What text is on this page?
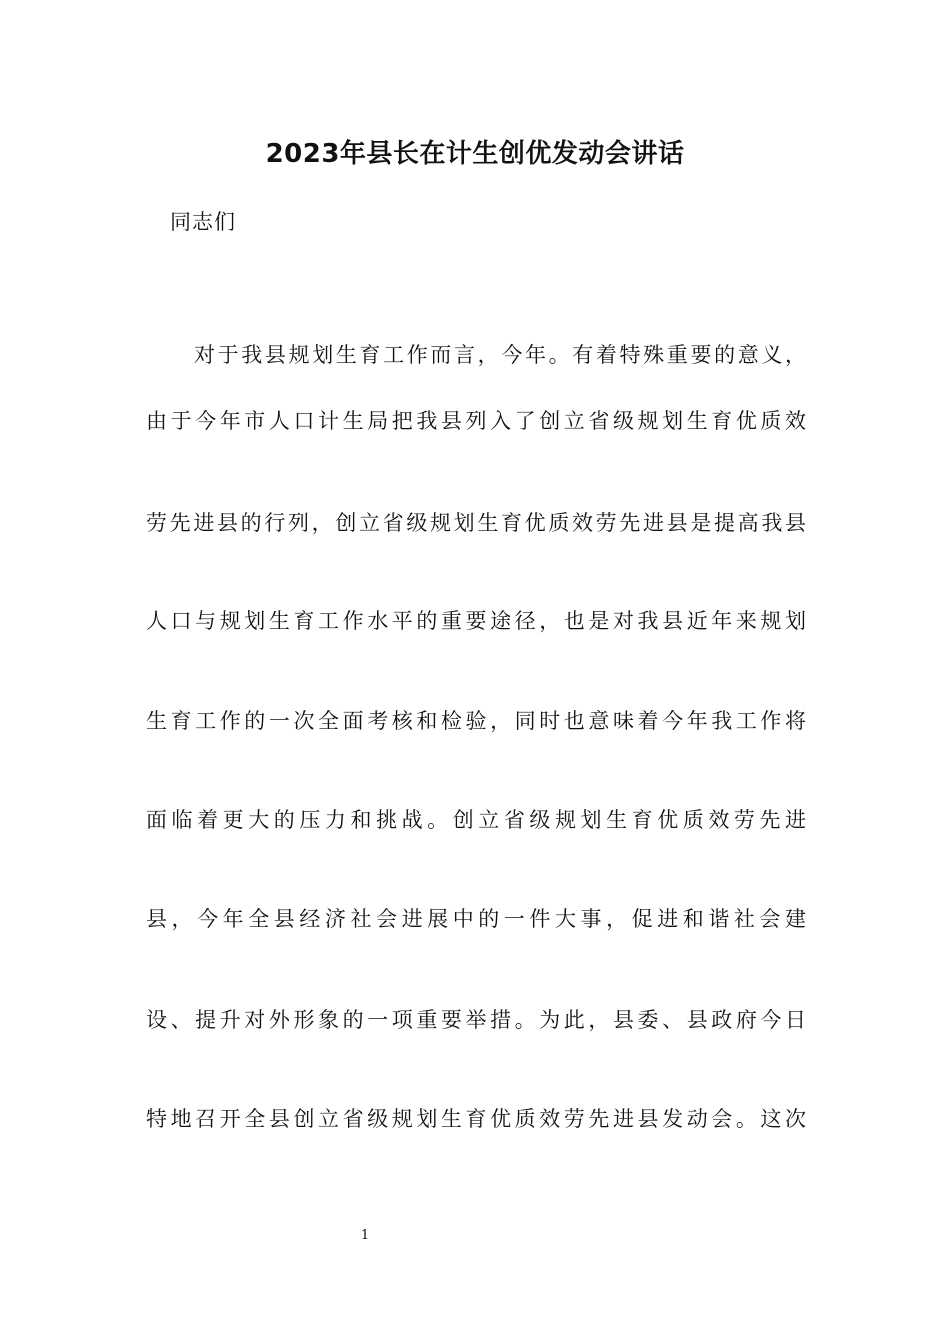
2023年县长在计生创优发动会讲话
同志们
对于我县规划生育工作而言，今年。有着特殊重要的意义，
由于今年市人口计生局把我县列入了创立省级规划生育优质效
劳先进县的行列，创立省级规划生育优质效劳先进县是提高我县
人口与规划生育工作水平的重要途径，也是对我县近年来规划
生育工作的一次全面考核和检验，同时也意味着今年我工作将
面临着更大的压力和挑战。创立省级规划生育优质效劳先进
县，今年全县经济社会进展中的一件大事，促进和谐社会建
设、提升对外形象的一项重要举措。为此，县委、县政府今日
特地召开全县创立省级规划生育优质效劳先进县发动会。这次
1
